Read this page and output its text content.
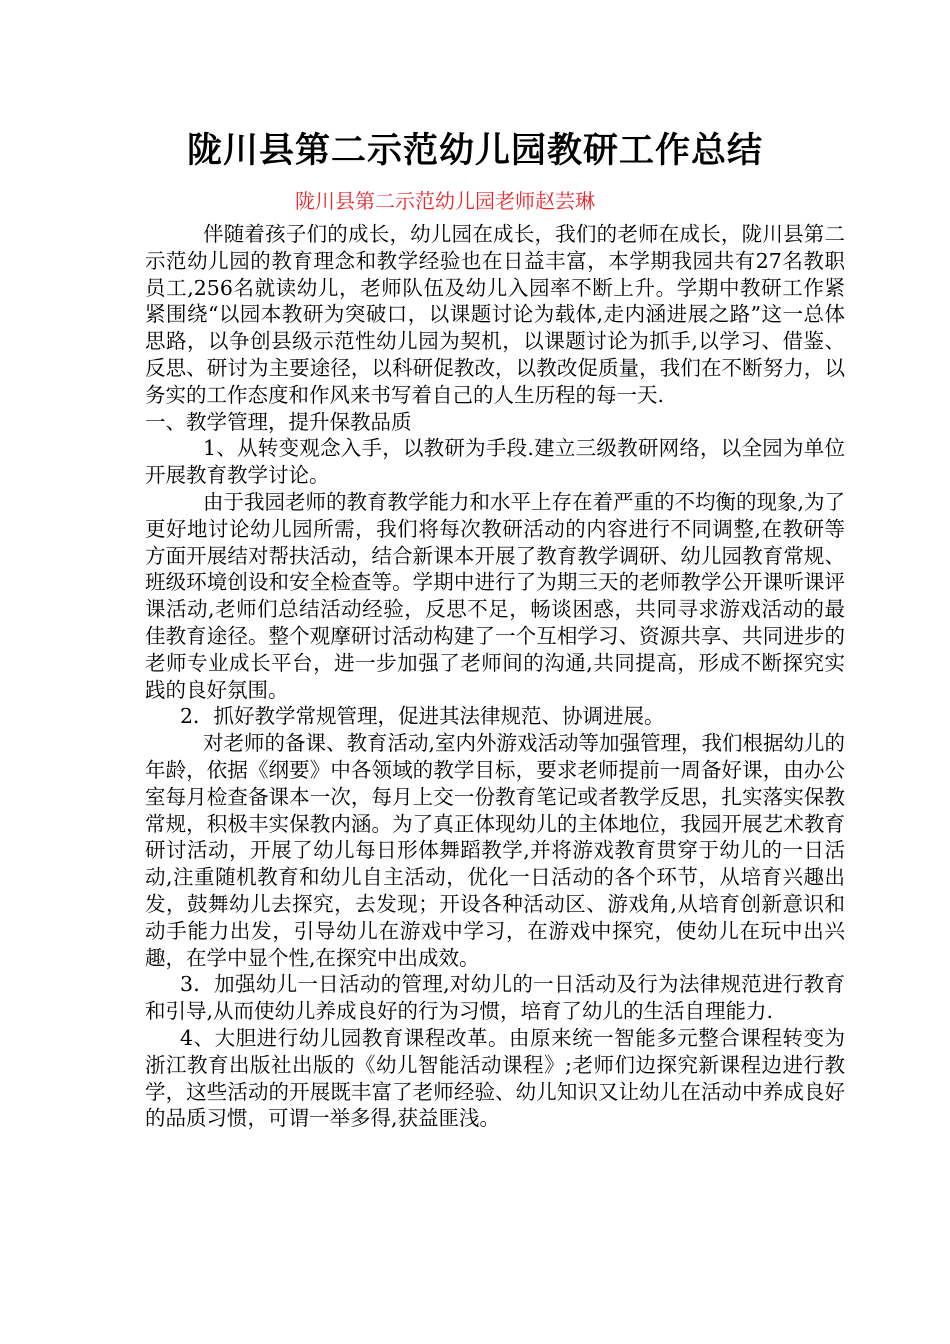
陇川县第二示范幼儿园教研工作总结
陇川县第二示范幼儿园老师赵芸琳

伴随着孩子们的成长，幼儿园在成长，我们的老师在成长，陇川县第二示范幼儿园的教育理念和教学经验也在日益丰富，本学期我园共有27名教职员工,256名就读幼儿，老师队伍及幼儿入园率不断上升。学期中教研工作紧紧围绕“以园本教研为突破口，以课题讨论为载体,走内涵进展之路”这一总体思路，以争创县级示范性幼儿园为契机，以课题讨论为抓手,以学习、借鉴、反思、研讨为主要途径，以科研促教改，以教改促质量，我们在不断努力，以务实的工作态度和作风来书写着自己的人生历程的每一天.

一、教学管理，提升保教品质

1、从转变观念入手，以教研为手段.建立三级教研网络，以全园为单位开展教育教学讨论。

由于我园老师的教育教学能力和水平上存在着严重的不均衡的现象,为了更好地讨论幼儿园所需，我们将每次教研活动的内容进行不同调整,在教研等方面开展结对帮扶活动，结合新课本开展了教育教学调研、幼儿园教育常规、班级环境创设和安全检查等。学期中进行了为期三天的老师教学公开课听课评课活动,老师们总结活动经验，反思不足，畅谈困惑，共同寻求游戏活动的最佳教育途径。整个观摩研讨活动构建了一个互相学习、资源共享、共同进步的老师专业成长平台，进一步加强了老师间的沟通,共同提高，形成不断探究实践的良好氛围。

2．抓好教学常规管理，促进其法律规范、协调进展。

对老师的备课、教育活动,室内外游戏活动等加强管理，我们根据幼儿的年龄，依据《纲要》中各领域的教学目标，要求老师提前一周备好课，由办公室每月检查备课本一次，每月上交一份教育笔记或者教学反思，扎实落实保教常规，积极丰实保教内涵。为了真正体现幼儿的主体地位，我园开展艺术教育研讨活动，开展了幼儿每日形体舞蹈教学,并将游戏教育贯穿于幼儿的一日活动,注重随机教育和幼儿自主活动，优化一日活动的各个环节，从培育兴趣出发，鼓舞幼儿去探究，去发现；开设各种活动区、游戏角,从培育创新意识和动手能力出发，引导幼儿在游戏中学习，在游戏中探究，使幼儿在玩中出兴趣，在学中显个性,在探究中出成效。

3．加强幼儿一日活动的管理,对幼儿的一日活动及行为法律规范进行教育和引导,从而使幼儿养成良好的行为习惯，培育了幼儿的生活自理能力.

4、大胆进行幼儿园教育课程改革。由原来统一智能多元整合课程转变为浙江教育出版社出版的《幼儿智能活动课程》;老师们边探究新课程边进行教学，这些活动的开展既丰富了老师经验、幼儿知识又让幼儿在活动中养成良好的品质习惯，可谓一举多得,获益匪浅。
